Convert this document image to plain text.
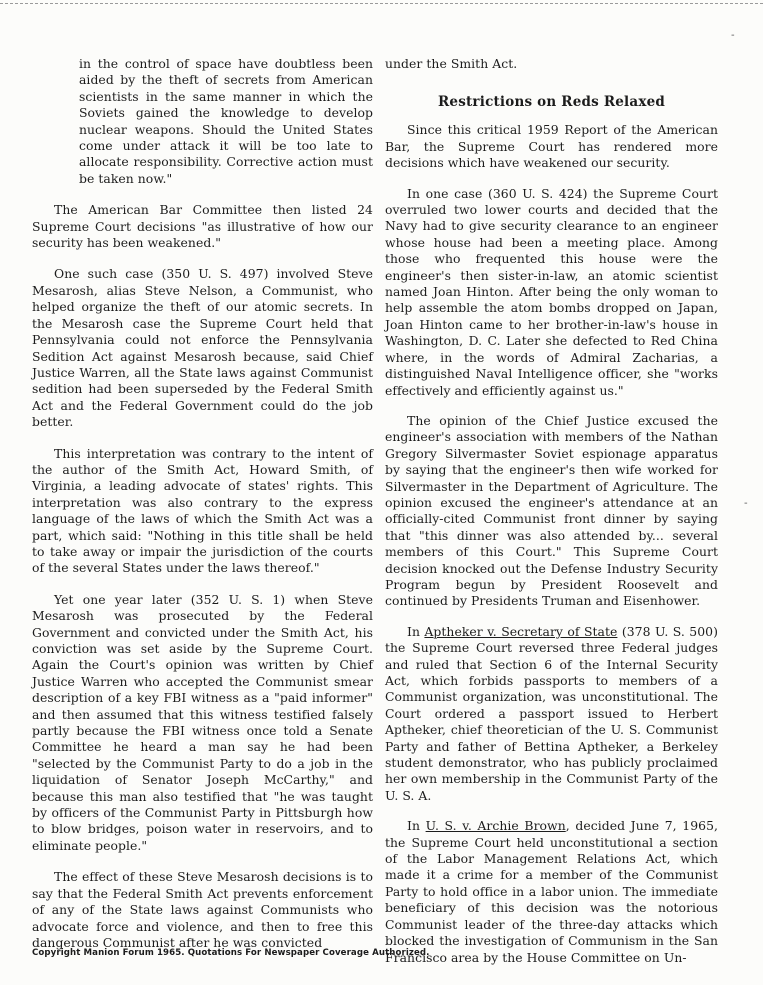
in the control of space have doubtless been aided by the theft of secrets from American scientists in the same manner in which the Soviets gained the knowledge to develop nuclear weapons. Should the United States come under attack it will be too late to allocate responsibility. Corrective action must be taken now."

The American Bar Committee then listed 24 Supreme Court decisions "as illustrative of how our security has been weakened."

One such case (350 U. S. 497) involved Steve Mesarosh, alias Steve Nelson, a Communist, who helped organize the theft of our atomic secrets. In the Mesarosh case the Supreme Court held that Pennsylvania could not enforce the Pennsylvania Sedition Act against Mesarosh because, said Chief Justice Warren, all the State laws against Communist sedition had been superseded by the Federal Smith Act and the Federal Government could do the job better.

This interpretation was contrary to the intent of the author of the Smith Act, Howard Smith, of Virginia, a leading advocate of states' rights. This interpretation was also contrary to the express language of the laws of which the Smith Act was a part, which said: "Nothing in this title shall be held to take away or impair the jurisdiction of the courts of the several States under the laws thereof."

Yet one year later (352 U. S. 1) when Steve Mesarosh was prosecuted by the Federal Government and convicted under the Smith Act, his conviction was set aside by the Supreme Court. Again the Court's opinion was written by Chief Justice Warren who accepted the Communist smear description of a key FBI witness as a "paid informer" and then assumed that this witness testified falsely partly because the FBI witness once told a Senate Committee he heard a man say he had been "selected by the Communist Party to do a job in the liquidation of Senator Joseph McCarthy," and because this man also testified that "he was taught by officers of the Communist Party in Pittsburgh how to blow bridges, poison water in reservoirs, and to eliminate people."

The effect of these Steve Mesarosh decisions is to say that the Federal Smith Act prevents enforcement of any of the State laws against Communists who advocate force and violence, and then to free this dangerous Communist after he was convicted

under the Smith Act.

Restrictions on Reds Relaxed

Since this critical 1959 Report of the American Bar, the Supreme Court has rendered more decisions which have weakened our security.

In one case (360 U. S. 424) the Supreme Court overruled two lower courts and decided that the Navy had to give security clearance to an engineer whose house had been a meeting place. Among those who frequented this house were the engineer's then sister-in-law, an atomic scientist named Joan Hinton. After being the only woman to help assemble the atom bombs dropped on Japan, Joan Hinton came to her brother-in-law's house in Washington, D. C. Later she defected to Red China where, in the words of Admiral Zacharias, a distinguished Naval Intelligence officer, she "works effectively and efficiently against us."

The opinion of the Chief Justice excused the engineer's association with members of the Nathan Gregory Silvermaster Soviet espionage apparatus by saying that the engineer's then wife worked for Silvermaster in the Department of Agriculture. The opinion excused the engineer's attendance at an officially-cited Communist front dinner by saying that "this dinner was also attended by... several members of this Court." This Supreme Court decision knocked out the Defense Industry Security Program begun by President Roosevelt and continued by Presidents Truman and Eisenhower.

In Aptheker v. Secretary of State (378 U. S. 500) the Supreme Court reversed three Federal judges and ruled that Section 6 of the Internal Security Act, which forbids passports to members of a Communist organization, was unconstitutional. The Court ordered a passport issued to Herbert Aptheker, chief theoretician of the U. S. Communist Party and father of Bettina Aptheker, a Berkeley student demonstrator, who has publicly proclaimed her own membership in the Communist Party of the U. S. A.

In U. S. v. Archie Brown, decided June 7, 1965, the Supreme Court held unconstitutional a section of the Labor Management Relations Act, which made it a crime for a member of the Communist Party to hold office in a labor union. The immediate beneficiary of this decision was the notorious Communist leader of the three-day attacks which blocked the investigation of Communism in the San Francisco area by the House Committee on Un-

Copyright Manion Forum 1965. Quotations For Newspaper Coverage Authorized.
-
-
